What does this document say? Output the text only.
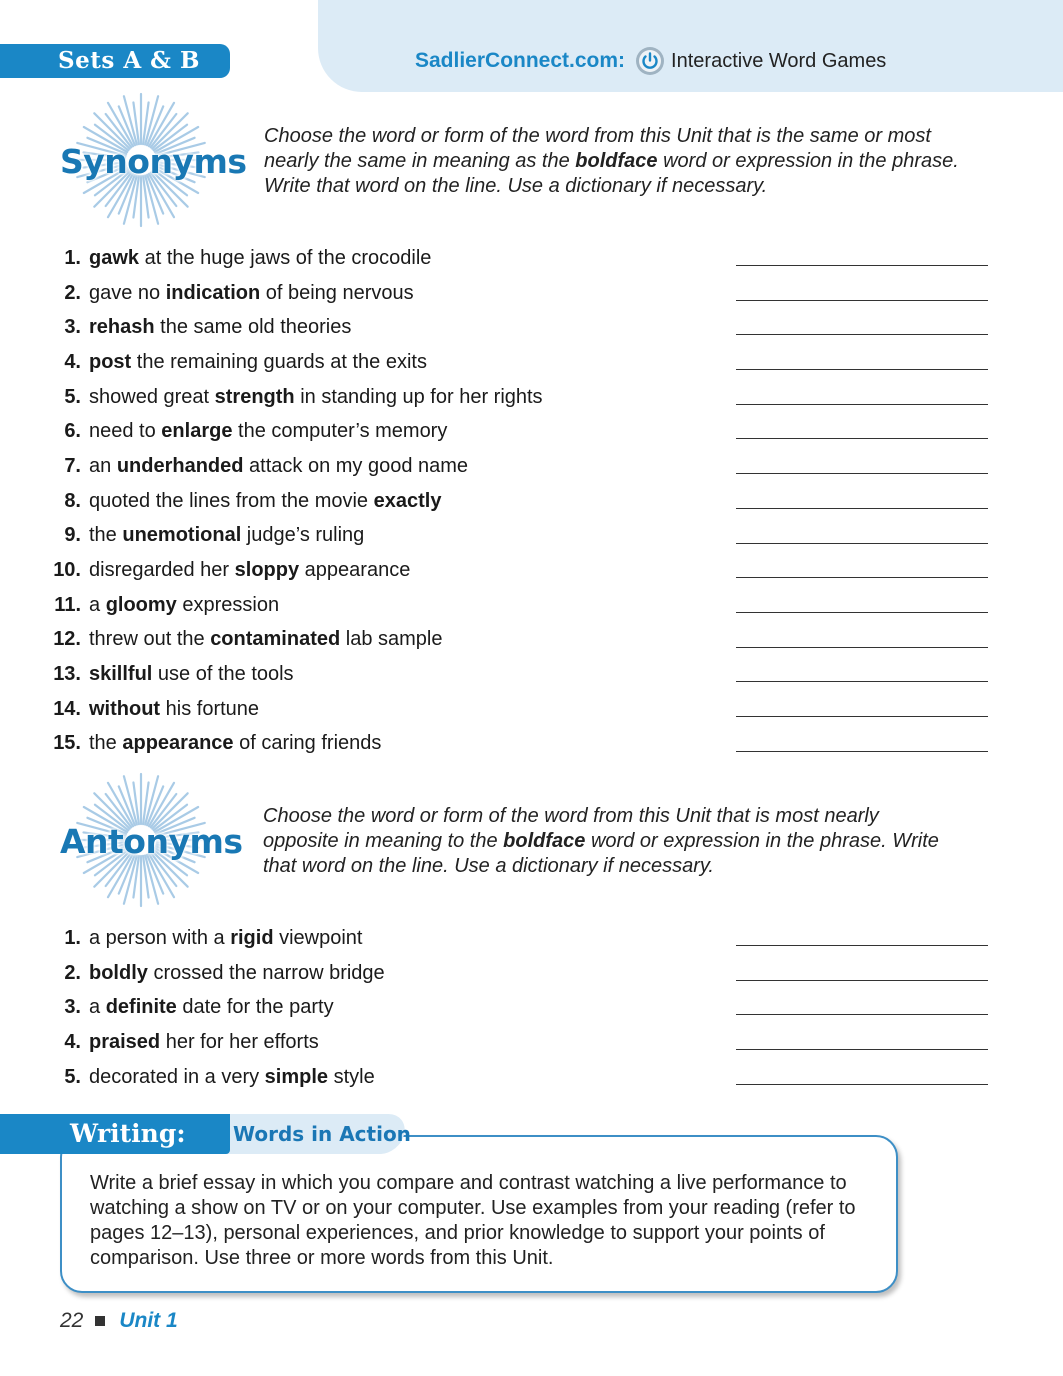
Sets A & B	SadlierConnect.com: Interactive Word Games
Synonyms
Choose the word or form of the word from this Unit that is the same or most nearly the same in meaning as the boldface word or expression in the phrase. Write that word on the line. Use a dictionary if necessary.
1. gawk at the huge jaws of the crocodile
2. gave no indication of being nervous
3. rehash the same old theories
4. post the remaining guards at the exits
5. showed great strength in standing up for her rights
6. need to enlarge the computer’s memory
7. an underhanded attack on my good name
8. quoted the lines from the movie exactly
9. the unemotional judge’s ruling
10. disregarded her sloppy appearance
11. a gloomy expression
12. threw out the contaminated lab sample
13. skillful use of the tools
14. without his fortune
15. the appearance of caring friends
Antonyms
Choose the word or form of the word from this Unit that is most nearly opposite in meaning to the boldface word or expression in the phrase. Write that word on the line. Use a dictionary if necessary.
1. a person with a rigid viewpoint
2. boldly crossed the narrow bridge
3. a definite date for the party
4. praised her for her efforts
5. decorated in a very simple style
Writing: Words in Action
Write a brief essay in which you compare and contrast watching a live performance to watching a show on TV or on your computer. Use examples from your reading (refer to pages 12–13), personal experiences, and prior knowledge to support your points of comparison. Use three or more words from this Unit.
22 Unit 1
